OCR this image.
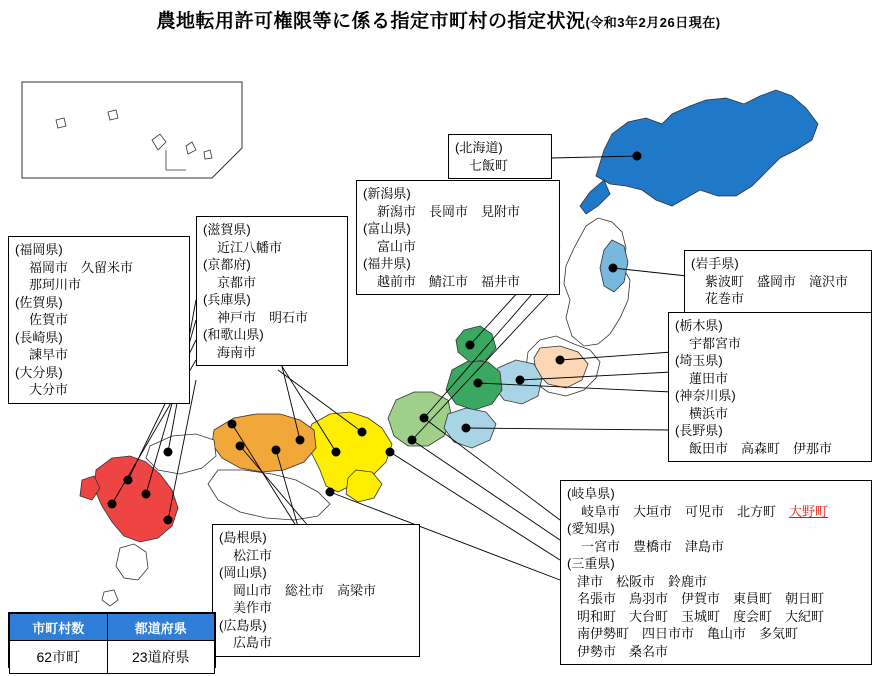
農地転用許可権限等に係る指定市町村の指定状況(令和3年2月26日現在)
(北海道)
七飯町
(新潟県)
新潟市　長岡市　見附市
(富山県)
富山市
(福井県)
越前市　鯖江市　福井市
(岩手県)
紫波町　盛岡市　滝沢市
花巻市
(栃木県)
宇都宮市
(埼玉県)
蓮田市
(神奈川県)
横浜市
(長野県)
飯田市　高森町　伊那市
(滋賀県)
近江八幡市
(京都府)
京都市
(兵庫県)
神戸市　明石市
(和歌山県)
海南市
(福岡県)
福岡市　久留米市
那珂川市
(佐賀県)
佐賀市
(長崎県)
諫早市
(大分県)
大分市
(島根県)
松江市
(岡山県)
岡山市　総社市　高梁市
美作市
(広島県)
広島市
(岐阜県)
岐阜市　大垣市　可児市　北方町　大野町
(愛知県)
一宮市　豊橋市　津島市
(三重県)
津市　松阪市　鈴鹿市
名張市　鳥羽市　伊賀市　東員町　朝日町
明和町　大台町　玉城町　度会町　大紀町
南伊勢町　四日市市　亀山市　多気町
伊勢市　桑名市
市町村数	都道府県
62市町	23道府県
